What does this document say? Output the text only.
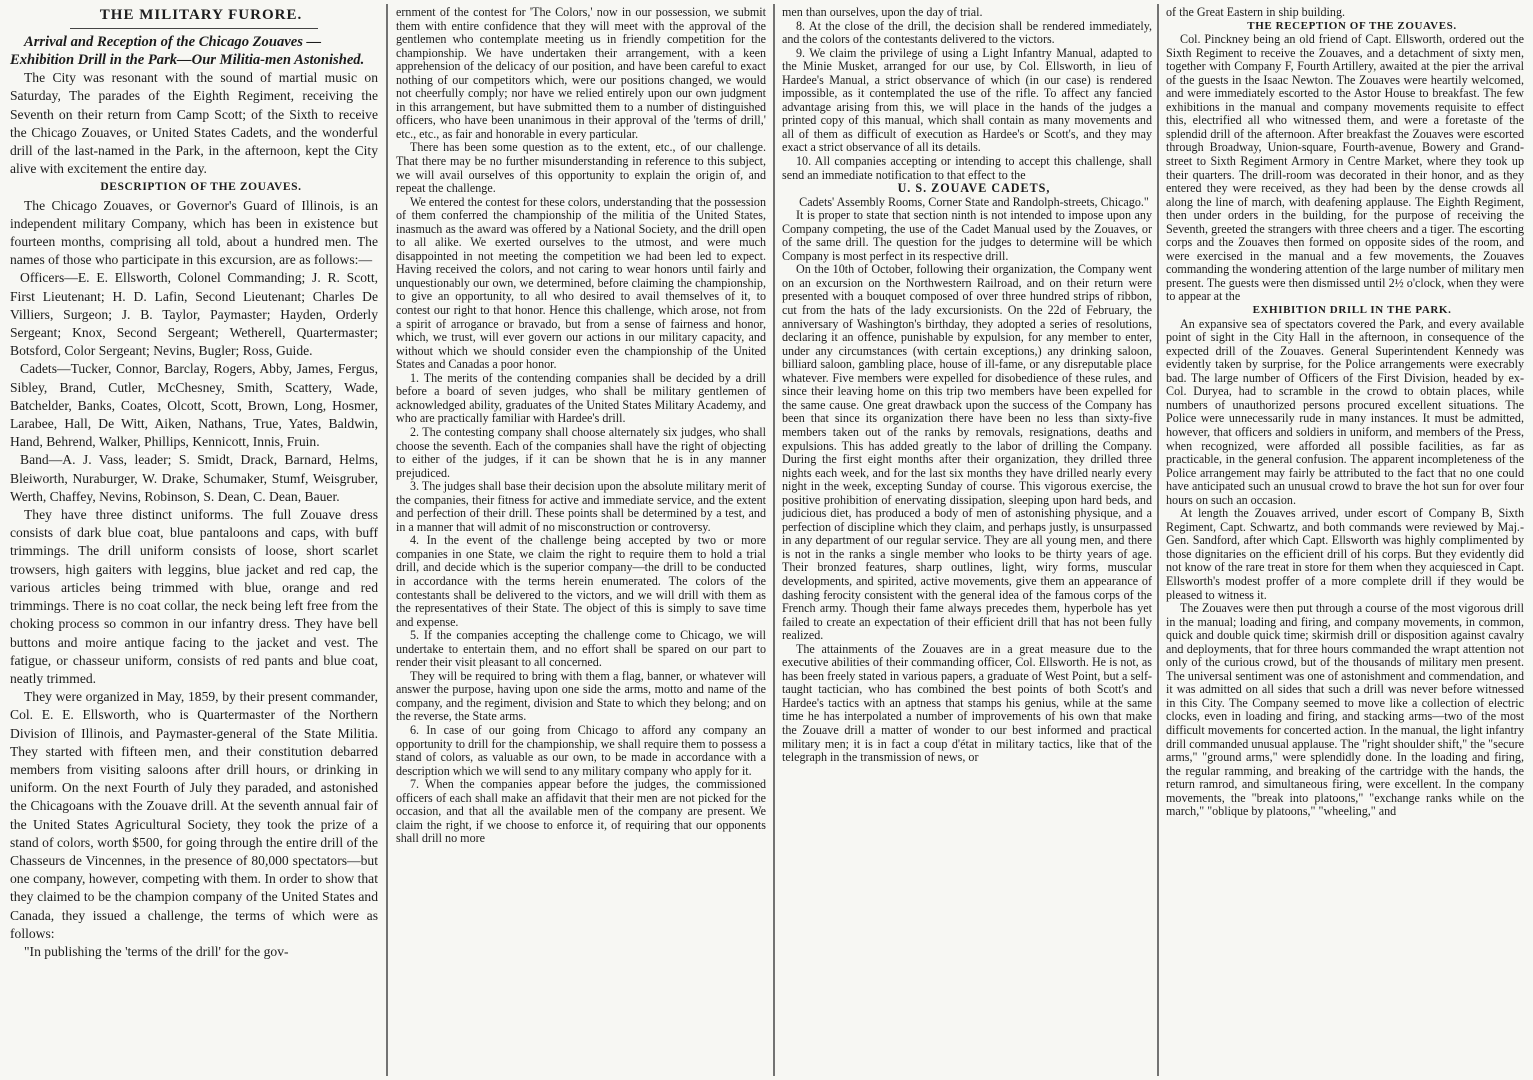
THE MILITARY FURORE.

Arrival and Reception of the Chicago Zouaves —Exhibition Drill in the Park—Our Militia-men Astonished.

The City was resonant with the sound of martial music on Saturday, The parades of the Eighth Regiment, receiving the Seventh on their return from Camp Scott; of the Sixth to receive the Chicago Zouaves, or United States Cadets, and the wonderful drill of the last-named in the Park, in the afternoon, kept the City alive with excitement the entire day.

DESCRIPTION OF THE ZOUAVES.

The Chicago Zouaves, or Governor's Guard of Illinois, is an independent military Company, which has been in existence but fourteen months, comprising all told, about a hundred men. The names of those who participate in this excursion, are as follows:—

Officers—E. E. Ellsworth, Colonel Commanding; J. R. Scott, First Lieutenant; H. D. Lafin, Second Lieutenant; Charles De Villiers, Surgeon; J. B. Taylor, Paymaster; Hayden, Orderly Sergeant; Knox, Second Sergeant; Wetherell, Quartermaster; Botsford, Color Sergeant; Nevins, Bugler; Ross, Guide.

Cadets—Tucker, Connor, Barclay, Rogers, Abby, James, Fergus, Sibley, Brand, Cutler, McChesney, Smith, Scattery, Wade, Batchelder, Banks, Coates, Olcott, Scott, Brown, Long, Hosmer, Larabee, Hall, De Witt, Aiken, Nathans, True, Yates, Baldwin, Hand, Behrend, Walker, Phillips, Kennicott, Innis, Fruin.

Band—A. J. Vass, leader; S. Smidt, Drack, Barnard, Helms, Bleiworth, Nuraburger, W. Drake, Schumaker, Stumf, Weisgruber, Werth, Chaffey, Nevins, Robinson, S. Dean, C. Dean, Bauer.

They have three distinct uniforms. The full Zouave dress consists of dark blue coat, blue pantaloons and caps, with buff trimmings. The drill uniform consists of loose, short scarlet trowsers, high gaiters with leggins, blue jacket and red cap, the various articles being trimmed with blue, orange and red trimmings. There is no coat collar, the neck being left free from the choking process so common in our infantry dress. They have bell buttons and moire antique facing to the jacket and vest. The fatigue, or chasseur uniform, consists of red pants and blue coat, neatly trimmed.

They were organized in May, 1859, by their present commander, Col. E. E. Ellsworth, who is Quartermaster of the Northern Division of Illinois, and Paymaster-general of the State Militia. They started with fifteen men, and their constitution debarred members from visiting saloons after drill hours, or drinking in uniform. On the next Fourth of July they paraded, and astonished the Chicagoans with the Zouave drill. At the seventh annual fair of the United States Agricultural Society, they took the prize of a stand of colors, worth $500, for going through the entire drill of the Chasseurs de Vincennes, in the presence of 80,000 spectators—but one company, however, competing with them. In order to show that they claimed to be the champion company of the United States and Canada, they issued a challenge, the terms of which were as follows:

"In publishing the 'terms of the drill' for the gov-

ernment of the contest for 'The Colors,' now in our possession, we submit them with entire confidence that they will meet with the approval of the gentlemen who contemplate meeting us in friendly competition for the championship. We have undertaken their arrangement, with a keen apprehension of the delicacy of our position, and have been careful to exact nothing of our competitors which, were our positions changed, we would not cheerfully comply; nor have we relied entirely upon our own judgment in this arrangement, but have submitted them to a number of distinguished officers, who have been unanimous in their approval of the 'terms of drill,' etc., etc., as fair and honorable in every particular.

There has been some question as to the extent, etc., of our challenge. That there may be no further misunderstanding in reference to this subject, we will avail ourselves of this opportunity to explain the origin of, and repeat the challenge.

We entered the contest for these colors, understanding that the possession of them conferred the championship of the militia of the United States, inasmuch as the award was offered by a National Society, and the drill open to all alike. We exerted ourselves to the utmost, and were much disappointed in not meeting the competition we had been led to expect. Having received the colors, and not caring to wear honors until fairly and unquestionably our own, we determined, before claiming the championship, to give an opportunity, to all who desired to avail themselves of it, to contest our right to that honor. Hence this challenge, which arose, not from a spirit of arrogance or bravado, but from a sense of fairness and honor, which, we trust, will ever govern our actions in our military capacity, and without which we should consider even the championship of the United States and Canadas a poor honor.

1. The merits of the contending companies shall be decided by a drill before a board of seven judges, who shall be military gentlemen of acknowledged ability, graduates of the United States Military Academy, and who are practically familiar with Hardee's drill.

2. The contesting company shall choose alternately six judges, who shall choose the seventh. Each of the companies shall have the right of objecting to either of the judges, if it can be shown that he is in any manner prejudiced.

3. The judges shall base their decision upon the absolute military merit of the companies, their fitness for active and immediate service, and the extent and perfection of their drill. These points shall be determined by a test, and in a manner that will admit of no misconstruction or controversy.

4. In the event of the challenge being accepted by two or more companies in one State, we claim the right to require them to hold a trial drill, and decide which is the superior company—the drill to be conducted in accordance with the terms herein enumerated. The colors of the contestants shall be delivered to the victors, and we will drill with them as the representatives of their State. The object of this is simply to save time and expense.

5. If the companies accepting the challenge come to Chicago, we will undertake to entertain them, and no effort shall be spared on our part to render their visit pleasant to all concerned.

They will be required to bring with them a flag, banner, or whatever will answer the purpose, having upon one side the arms, motto and name of the company, and the regiment, division and State to which they belong; and on the reverse, the State arms.

6. In case of our going from Chicago to afford any company an opportunity to drill for the championship, we shall require them to possess a stand of colors, as valuable as our own, to be made in accordance with a description which we will send to any military company who apply for it.

7. When the companies appear before the judges, the commissioned officers of each shall make an affidavit that their men are not picked for the occasion, and that all the available men of the company are present. We claim the right, if we choose to enforce it, of requiring that our opponents shall drill no more

men than ourselves, upon the day of trial.

8. At the close of the drill, the decision shall be rendered immediately, and the colors of the contestants delivered to the victors.

9. We claim the privilege of using a Light Infantry Manual, adapted to the Minie Musket, arranged for our use, by Col. Ellsworth, in lieu of Hardee's Manual, a strict observance of which (in our case) is rendered impossible, as it contemplated the use of the rifle. To affect any fancied advantage arising from this, we will place in the hands of the judges a printed copy of this manual, which shall contain as many movements and all of them as difficult of execution as Hardee's or Scott's, and they may exact a strict observance of all its details.

10. All companies accepting or intending to accept this challenge, shall send an immediate notification to that effect to the

U. S. ZOUAVE CADETS,

Cadets' Assembly Rooms, Corner State and Randolph-streets, Chicago."

It is proper to state that section ninth is not intended to impose upon any Company competing, the use of the Cadet Manual used by the Zouaves, or of the same drill. The question for the judges to determine will be which Company is most perfect in its respective drill.

On the 10th of October, following their organization, the Company went on an excursion on the Northwestern Railroad, and on their return were presented with a bouquet composed of over three hundred strips of ribbon, cut from the hats of the lady excursionists. On the 22d of February, the anniversary of Washington's birthday, they adopted a series of resolutions, declaring it an offence, punishable by expulsion, for any member to enter, under any circumstances (with certain exceptions,) any drinking saloon, billiard saloon, gambling place, house of ill-fame, or any disreputable place whatever. Five members were expelled for disobedience of these rules, and since their leaving home on this trip two members have been expelled for the same cause. One great drawback upon the success of the Company has been that since its organization there have been no less than sixty-five members taken out of the ranks by removals, resignations, deaths and expulsions. This has added greatly to the labor of drilling the Company. During the first eight months after their organization, they drilled three nights each week, and for the last six months they have drilled nearly every night in the week, excepting Sunday of course. This vigorous exercise, the positive prohibition of enervating dissipation, sleeping upon hard beds, and judicious diet, has produced a body of men of astonishing physique, and a perfection of discipline which they claim, and perhaps justly, is unsurpassed in any department of our regular service. They are all young men, and there is not in the ranks a single member who looks to be thirty years of age. Their bronzed features, sharp outlines, light, wiry forms, muscular developments, and spirited, active movements, give them an appearance of dashing ferocity consistent with the general idea of the famous corps of the French army. Though their fame always precedes them, hyperbole has yet failed to create an expectation of their efficient drill that has not been fully realized.

The attainments of the Zouaves are in a great measure due to the executive abilities of their commanding officer, Col. Ellsworth. He is not, as has been freely stated in various papers, a graduate of West Point, but a self-taught tactician, who has combined the best points of both Scott's and Hardee's tactics with an aptness that stamps his genius, while at the same time he has interpolated a number of improvements of his own that make the Zouave drill a matter of wonder to our best informed and practical military men; it is in fact a coup d'état in military tactics, like that of the telegraph in the transmission of news, or

of the Great Eastern in ship building.

THE RECEPTION OF THE ZOUAVES.

Col. Pinckney being an old friend of Capt. Ellsworth, ordered out the Sixth Regiment to receive the Zouaves, and a detachment of sixty men, together with Company F, Fourth Artillery, awaited at the pier the arrival of the guests in the Isaac Newton. The Zouaves were heartily welcomed, and were immediately escorted to the Astor House to breakfast. The few exhibitions in the manual and company movements requisite to effect this, electrified all who witnessed them, and were a foretaste of the splendid drill of the afternoon. After breakfast the Zouaves were escorted through Broadway, Union-square, Fourth-avenue, Bowery and Grand-street to Sixth Regiment Armory in Centre Market, where they took up their quarters. The drill-room was decorated in their honor, and as they entered they were received, as they had been by the dense crowds all along the line of march, with deafening applause. The Eighth Regiment, then under orders in the building, for the purpose of receiving the Seventh, greeted the strangers with three cheers and a tiger. The escorting corps and the Zouaves then formed on opposite sides of the room, and were exercised in the manual and a few movements, the Zouaves commanding the wondering attention of the large number of military men present. The guests were then dismissed until 2½ o'clock, when they were to appear at the

EXHIBITION DRILL IN THE PARK.

An expansive sea of spectators covered the Park, and every available point of sight in the City Hall in the afternoon, in consequence of the expected drill of the Zouaves. General Superintendent Kennedy was evidently taken by surprise, for the Police arrangements were execrably bad. The large number of Officers of the First Division, headed by ex-Col. Duryea, had to scramble in the crowd to obtain places, while numbers of unauthorized persons procured excellent situations. The Police were unnecessarily rude in many instances. It must be admitted, however, that officers and soldiers in uniform, and members of the Press, when recognized, were afforded all possible facilities, as far as practicable, in the general confusion. The apparent incompleteness of the Police arrangement may fairly be attributed to the fact that no one could have anticipated such an unusual crowd to brave the hot sun for over four hours on such an occasion.

At length the Zouaves arrived, under escort of Company B, Sixth Regiment, Capt. Schwartz, and both commands were reviewed by Maj.-Gen. Sandford, after which Capt. Ellsworth was highly complimented by those dignitaries on the efficient drill of his corps. But they evidently did not know of the rare treat in store for them when they acquiesced in Capt. Ellsworth's modest proffer of a more complete drill if they would be pleased to witness it.

The Zouaves were then put through a course of the most vigorous drill in the manual; loading and firing, and company movements, in common, quick and double quick time; skirmish drill or disposition against cavalry and deployments, that for three hours commanded the wrapt attention not only of the curious crowd, but of the thousands of military men present. The universal sentiment was one of astonishment and commendation, and it was admitted on all sides that such a drill was never before witnessed in this City. The Company seemed to move like a collection of electric clocks, even in loading and firing, and stacking arms—two of the most difficult movements for concerted action. In the manual, the light infantry drill commanded unusual applause. The "right shoulder shift," the "secure arms," "ground arms," were splendidly done. In the loading and firing, the regular ramming, and breaking of the cartridge with the hands, the return ramrod, and simultaneous firing, were excellent. In the company movements, the "break into platoons," "exchange ranks while on the march," "oblique by platoons," "wheeling," and
